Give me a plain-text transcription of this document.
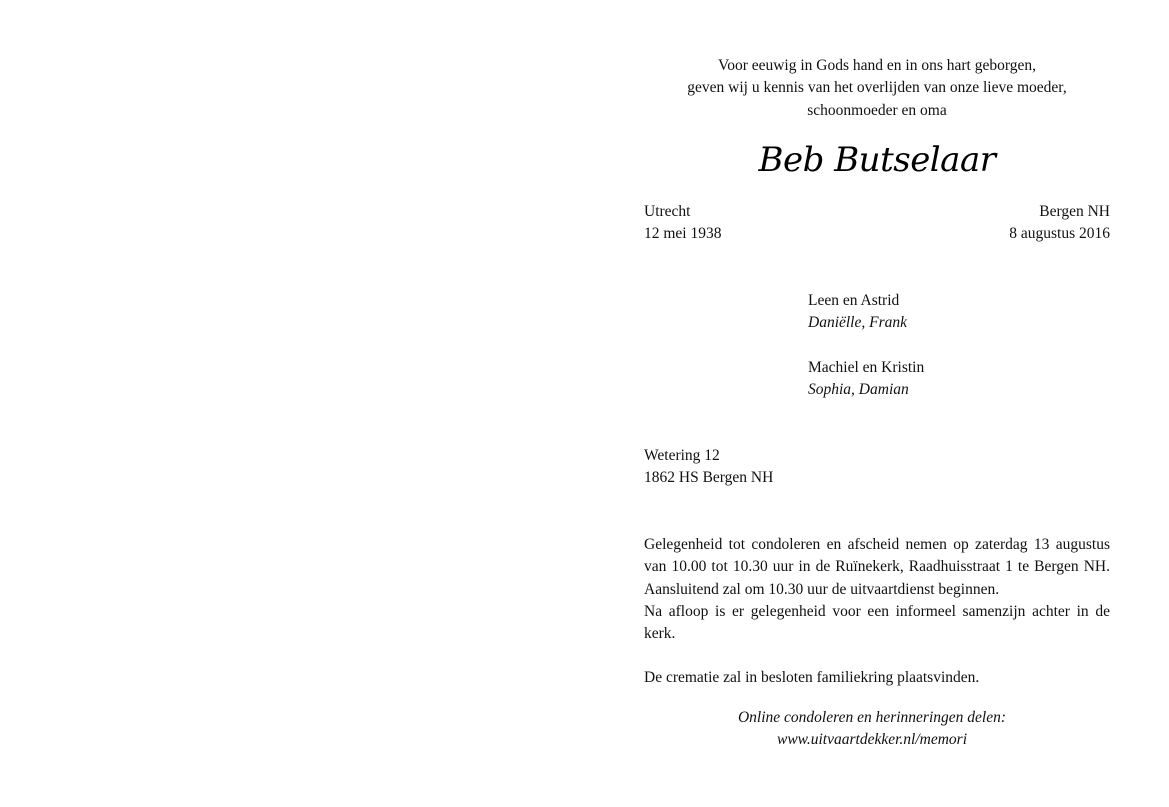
Voor eeuwig in Gods hand en in ons hart geborgen,
geven wij u kennis van het overlijden van onze lieve moeder,
schoonmoeder en oma
Beb Butselaar
Utrecht
12 mei 1938
Bergen NH
8 augustus 2016
Leen en Astrid
Daniëlle, Frank
Machiel en Kristin
Sophia, Damian
Wetering 12
1862 HS Bergen NH
Gelegenheid tot condoleren en afscheid nemen op zaterdag 13 augustus van 10.00 tot 10.30 uur in de Ruïnekerk, Raadhuisstraat 1 te Bergen NH. Aansluitend zal om 10.30 uur de uitvaartdienst beginnen.
Na afloop is er gelegenheid voor een informeel samenzijn achter in de kerk.
De crematie zal in besloten familiekring plaatsvinden.
Online condoleren en herinneringen delen:
www.uitvaartdekker.nl/memori
